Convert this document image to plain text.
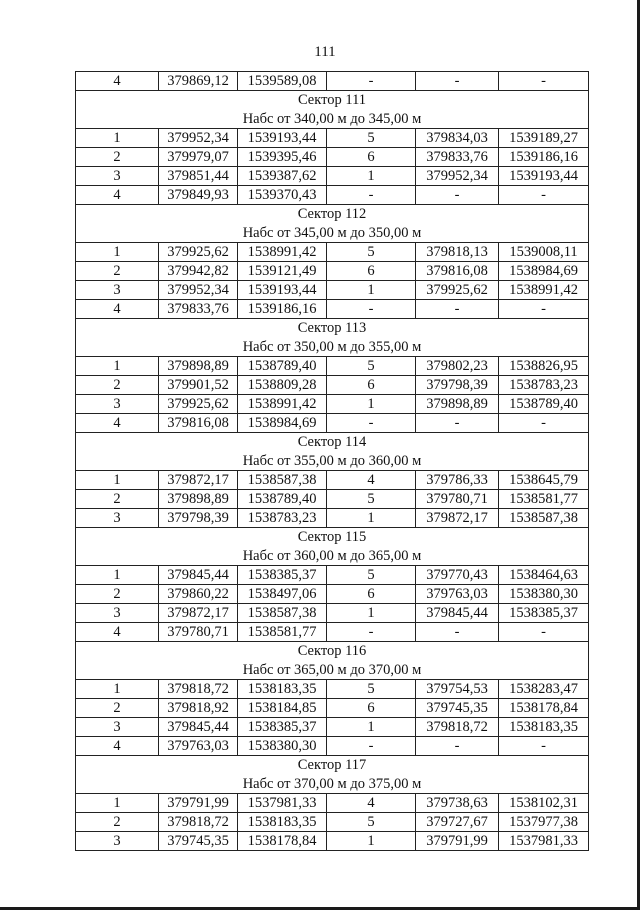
111
4	379869,12	1539589,08	-	-	-
Сектор 111					
Набс от 340,00 м до 345,00 м					
1	379952,34	1539193,44	5	379834,03	1539189,27
2	379979,07	1539395,46	6	379833,76	1539186,16
3	379851,44	1539387,62	1	379952,34	1539193,44
4	379849,93	1539370,43	-	-	-
Сектор 112					
Набс от 345,00 м до 350,00 м					
1	379925,62	1538991,42	5	379818,13	1539008,11
2	379942,82	1539121,49	6	379816,08	1538984,69
3	379952,34	1539193,44	1	379925,62	1538991,42
4	379833,76	1539186,16	-	-	-
Сектор 113					
Набс от 350,00 м до 355,00 м					
1	379898,89	1538789,40	5	379802,23	1538826,95
2	379901,52	1538809,28	6	379798,39	1538783,23
3	379925,62	1538991,42	1	379898,89	1538789,40
4	379816,08	1538984,69	-	-	-
Сектор 114					
Набс от 355,00 м до 360,00 м					
1	379872,17	1538587,38	4	379786,33	1538645,79
2	379898,89	1538789,40	5	379780,71	1538581,77
3	379798,39	1538783,23	1	379872,17	1538587,38
Сектор 115					
Набс от 360,00 м до 365,00 м					
1	379845,44	1538385,37	5	379770,43	1538464,63
2	379860,22	1538497,06	6	379763,03	1538380,30
3	379872,17	1538587,38	1	379845,44	1538385,37
4	379780,71	1538581,77	-	-	-
Сектор 116					
Набс от 365,00 м до 370,00 м					
1	379818,72	1538183,35	5	379754,53	1538283,47
2	379818,92	1538184,85	6	379745,35	1538178,84
3	379845,44	1538385,37	1	379818,72	1538183,35
4	379763,03	1538380,30	-	-	-
Сектор 117					
Набс от 370,00 м до 375,00 м					
1	379791,99	1537981,33	4	379738,63	1538102,31
2	379818,72	1538183,35	5	379727,67	1537977,38
3	379745,35	1538178,84	1	379791,99	1537981,33
